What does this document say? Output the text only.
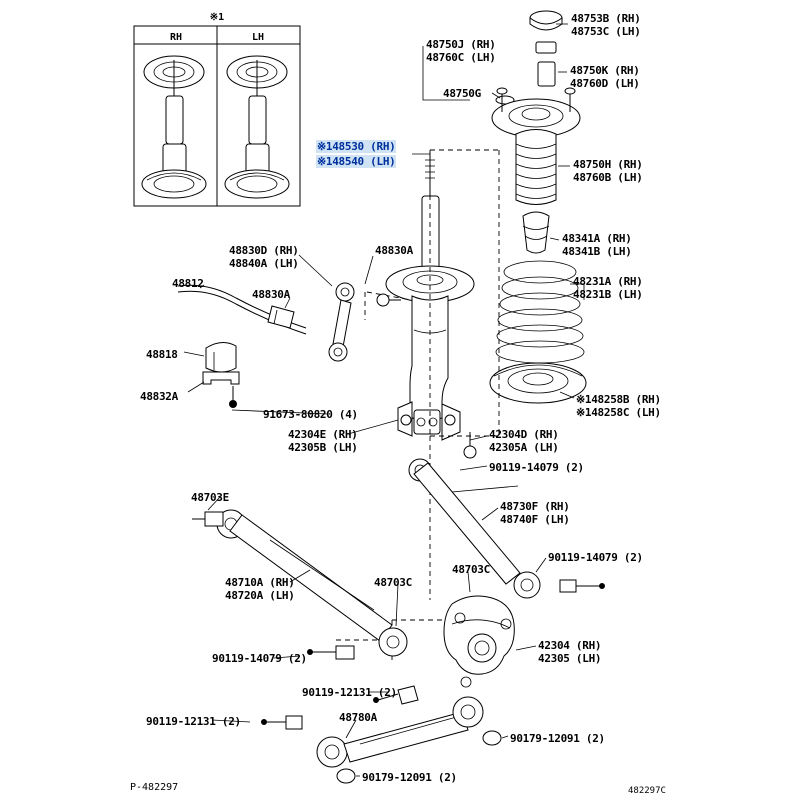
RH	LH
※1	48753B (RH)
48753C (LH)
48750J (RH)
48760C (LH)
48750K (RH)
48760D (LH)
48750G
※148530 (RH)
※148540 (LH)	48750H (RH)
48760B (LH)
48341A (RH)
48341B (LH)
48830D (RH)
48840A (LH)
48830A
48231A (RH)
48231B (LH)
48812
48830A
48818
48832A	※148258B (RH)
※148258C (LH)
91673-80820 (4)
42304E (RH)
42305B (LH)
42304D (RH)
42305A (LH)
90119-14079 (2)
48703E
48730F (RH)
48740F (LH)
90119-14079 (2)
48710A (RH)
48720A (LH)
48703C
48703C
42304 (RH)
42305 (LH)
90119-14079 (2)
90119-12131 (2)
90119-12131 (2)	48780A
90179-12091 (2)
90179-12091 (2)
P-482297	482297C
